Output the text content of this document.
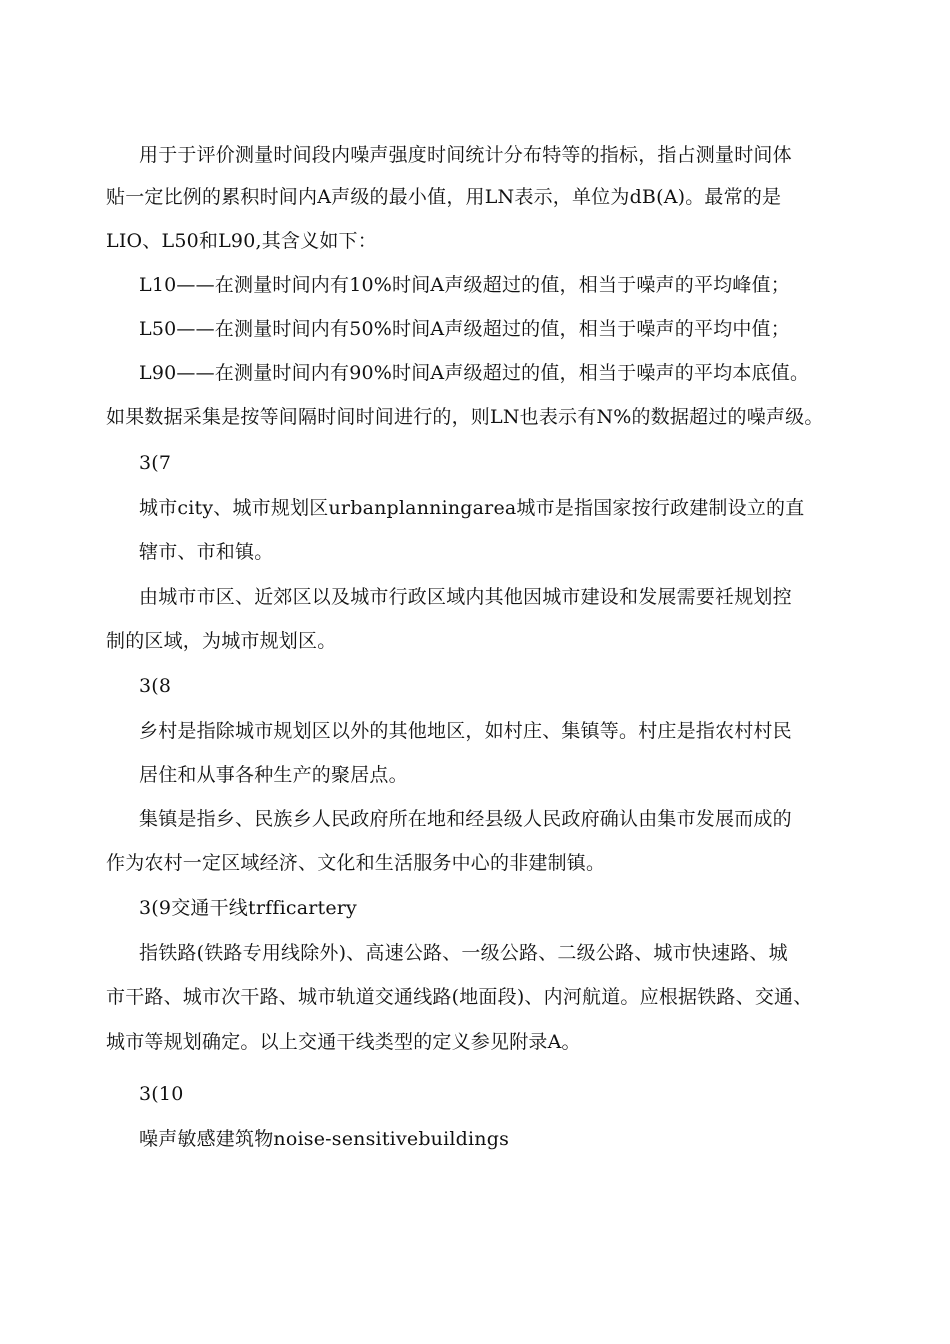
用于于评价测量时间段内噪声强度时间统计分布特等的指标，指占测量时间体
贴一定比例的累积时间内A声级的最小值，用LN表示，单位为dB(A)。最常的是
LIO、L50和L90,其含义如下：
L10——在测量时间内有10%时间A声级超过的值，相当于噪声的平均峰值；
L50——在测量时间内有50%时间A声级超过的值，相当于噪声的平均中值；
L90——在测量时间内有90%时间A声级超过的值，相当于噪声的平均本底值。
如果数据采集是按等间隔时间时间进行的，则LN也表示有N%的数据超过的噪声级。
3(7
城市city、城市规划区urbanplanningarea城市是指国家按行政建制设立的直
辖市、市和镇。
由城市市区、近郊区以及城市行政区域内其他因城市建设和发展需要祍规划控
制的区域，为城市规划区。
3(8
乡村是指除城市规划区以外的其他地区，如村庄、集镇等。村庄是指农村村民
居住和从事各种生产的聚居点。
集镇是指乡、民族乡人民政府所在地和经县级人民政府确认由集市发展而成的
作为农村一定区域经济、文化和生活服务中心的非建制镇。
3(9交通干线trfficartery
指铁路(铁路专用线除外)、高速公路、一级公路、二级公路、城市快速路、城
市干路、城市次干路、城市轨道交通线路(地面段)、内河航道。应根据铁路、交通、
城市等规划确定。以上交通干线类型的定义参见附录A。
3(10
噪声敏感建筑物noise-sensitivebuildings
